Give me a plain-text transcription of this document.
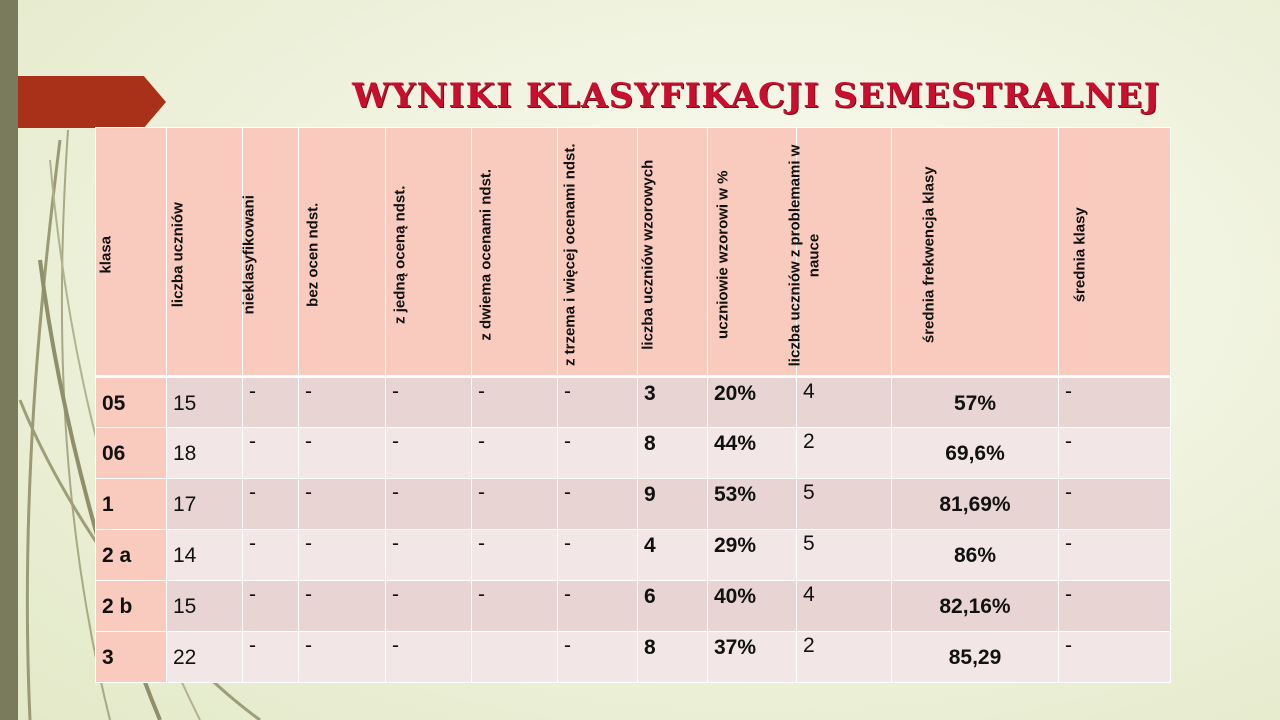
WYNIKI KLASYFIKACJI SEMESTRALNEJ
klasa	liczba uczniów	nieklasyfikowani	bez ocen ndst.	z jedną oceną ndst.	z dwiema ocenami ndst.	z trzema i więcej ocenami ndst.	liczba uczniów wzorowych	uczniowie wzorowi w %	liczba uczniów z problemami w nauce	średnia frekwencja klasy	średnia klasy

05	15	-	-	-	-	-	3	20%	4	57%	-
06	18	-	-	-	-	-	8	44%	2	69,6%	-
1	17	-	-	-	-	-	9	53%	5	81,69%	-
2 a	14	-	-	-	-	-	4	29%	5	86%	-
2 b	15	-	-	-	-	-	6	40%	4	82,16%	-
3	22	-	-	-		-	8	37%	2	85,29	-
